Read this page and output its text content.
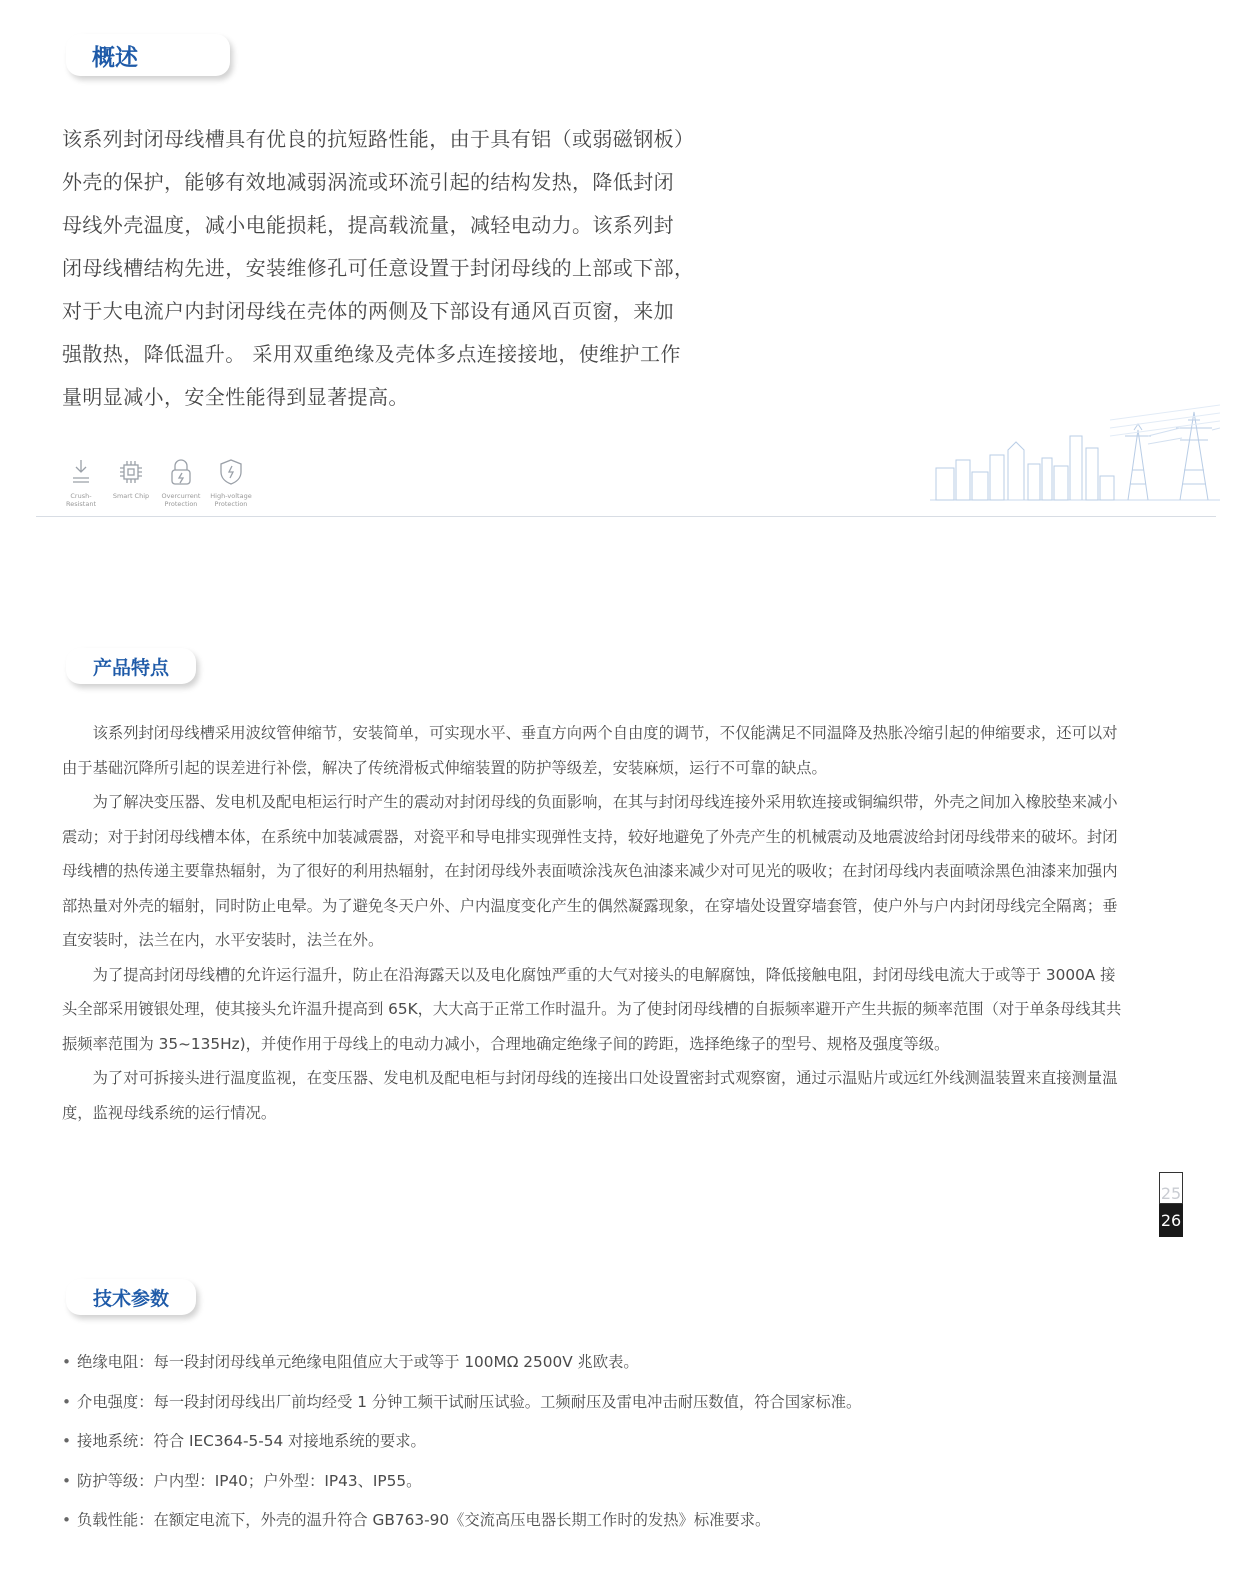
概述

该系列封闭母线槽具有优良的抗短路性能，由于具有铝（或弱磁钢板）

外壳的保护，能够有效地减弱涡流或环流引起的结构发热，降低封闭

母线外壳温度，减小电能损耗，提高载流量，减轻电动力。该系列封

闭母线槽结构先进，安装维修孔可任意设置于封闭母线的上部或下部，

对于大电流户内封闭母线在壳体的两侧及下部设有通风百页窗，来加

强散热，降低温升。 采用双重绝缘及壳体多点连接接地，使维护工作

量明显减小，安全性能得到显著提高。

Crush-
Resistant
Smart Chip Overcurrent
Protection
High-voltage
Protection
产品特点

该系列封闭母线槽采用波纹管伸缩节，安装简单，可实现水平、垂直方向两个自由度的调节，不仅能满足不同温降及热胀冷缩引起的伸缩要求，还可以对由于基础沉降所引起的误差进行补偿，解决了传统滑板式伸缩装置的防护等级差，安装麻烦，运行不可靠的缺点。

为了解决变压器、发电机及配电柜运行时产生的震动对封闭母线的负面影响，在其与封闭母线连接外采用软连接或铜编织带，外壳之间加入橡胶垫来减小震动；对于封闭母线槽本体，在系统中加装减震器，对瓷平和导电排实现弹性支持，较好地避免了外壳产生的机械震动及地震波给封闭母线带来的破坏。封闭母线槽的热传递主要靠热辐射，为了很好的利用热辐射，在封闭母线外表面喷涂浅灰色油漆来减少对可见光的吸收；在封闭母线内表面喷涂黑色油漆来加强内部热量对外壳的辐射，同时防止电晕。为了避免冬天户外、户内温度变化产生的偶然凝露现象，在穿墙处设置穿墙套管，使户外与户内封闭母线完全隔离；垂直安装时，法兰在内，水平安装时，法兰在外。

为了提高封闭母线槽的允许运行温升，防止在沿海露天以及电化腐蚀严重的大气对接头的电解腐蚀，降低接触电阻，封闭母线电流大于或等于 3000A 接头全部采用镀银处理，使其接头允许温升提高到 65K，大大高于正常工作时温升。为了使封闭母线槽的自振频率避开产生共振的频率范围（对于单条母线其共振频率范围为 35~135Hz)，并使作用于母线上的电动力减小，合理地确定绝缘子间的跨距，选择绝缘子的型号、规格及强度等级。

为了对可拆接头进行温度监视，在变压器、发电机及配电柜与封闭母线的连接出口处设置密封式观察窗，通过示温贴片或远红外线测温装置来直接测量温度，监视母线系统的运行情况。

25
26
技术参数
• 绝缘电阻：每一段封闭母线单元绝缘电阻值应大于或等于 100MΩ 2500V 兆欧表。
• 介电强度：每一段封闭母线出厂前均经受 1 分钟工频干试耐压试验。工频耐压及雷电冲击耐压数值，符合国家标准。
• 接地系统：符合 IEC364-5-54 对接地系统的要求。
• 防护等级：户内型：IP40；户外型：IP43、IP55。
• 负载性能：在额定电流下，外壳的温升符合 GB763-90《交流高压电器长期工作时的发热》标准要求。
